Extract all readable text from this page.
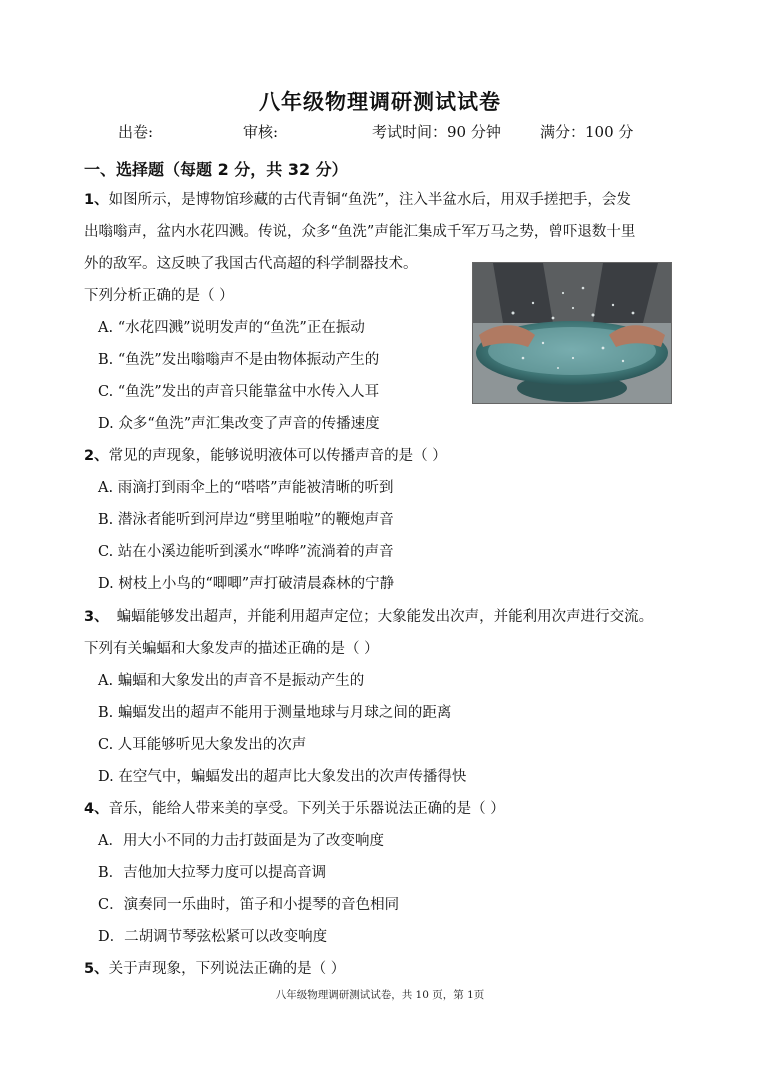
八年级物理调研测试试卷
出卷:	审核:	考试时间：90 分钟	满分：100 分
一、选择题（每题 2 分，共 32 分）
1、如图所示，是博物馆珍藏的古代青铜“鱼洗”，注入半盆水后，用双手搓把手，会发
出嗡嗡声，盆内水花四溅。传说，众多“鱼洗”声能汇集成千军万马之势，曾吓退数十里
外的敌军。这反映了我国古代高超的科学制器技术。
下列分析正确的是（ ）
A. “水花四溅”说明发声的“鱼洗”正在振动
B. “鱼洗”发出嗡嗡声不是由物体振动产生的
C. “鱼洗”发出的声音只能靠盆中水传入人耳
D. 众多“鱼洗”声汇集改变了声音的传播速度
2、常见的声现象，能够说明液体可以传播声音的是（ ）
A. 雨滴打到雨伞上的“嗒嗒”声能被清晰的听到
B. 潜泳者能听到河岸边“劈里啪啦”的鞭炮声音
C. 站在小溪边能听到溪水“哗哗”流淌着的声音
D. 树枝上小鸟的“唧唧”声打破清晨森林的宁静
3、 蝙蝠能够发出超声，并能利用超声定位；大象能发出次声，并能利用次声进行交流。
下列有关蝙蝠和大象发声的描述正确的是（ ）
A. 蝙蝠和大象发出的声音不是振动产生的
B. 蝙蝠发出的超声不能用于测量地球与月球之间的距离
C. 人耳能够听见大象发出的次声
D. 在空气中，蝙蝠发出的超声比大象发出的次声传播得快
4、音乐，能给人带来美的享受。下列关于乐器说法正确的是（ ）
A．用大小不同的力击打鼓面是为了改变响度
B．吉他加大拉琴力度可以提高音调
C．演奏同一乐曲时，笛子和小提琴的音色相同
D．二胡调节琴弦松紧可以改变响度
5、关于声现象，下列说法正确的是（ ）
八年级物理调研测试试卷，共 10 页，第 1页
